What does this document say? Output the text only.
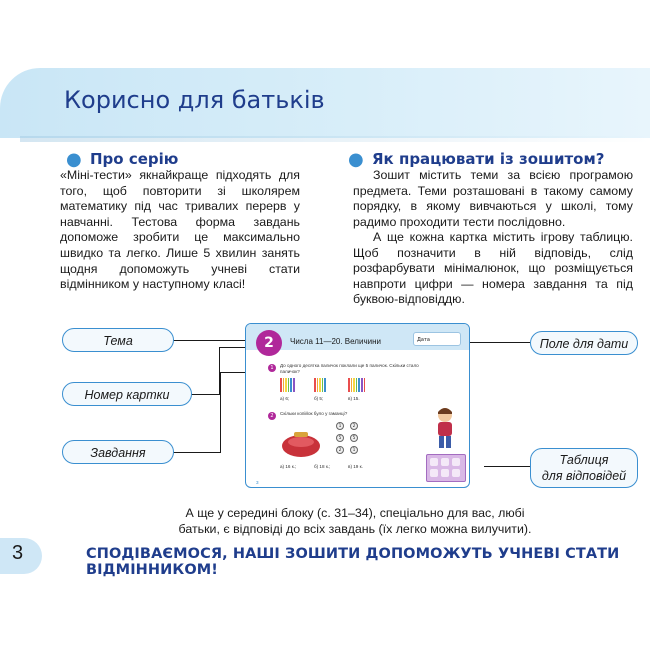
Корисно для батьків
● Про серію
«Міні-тести» якнайкраще підходять для того, щоб повторити зі школярем математику під час тривалих перерв у навчанні. Тестова форма завдань допоможе зробити це максимально швидко та легко. Лише 5 хвилин занять щодня допоможуть учневі стати відмінником у наступному класі!
● Як працювати із зошитом?
Зошит містить теми за всією програмою предмета. Теми розташовані в такому самому порядку, в якому вивчаються у школі, тому радимо проходити тести послідовно.
А ще кожна картка містить ігрову таблицю. Щоб позначити в ній відповідь, слід розфарбувати мінімалюнок, що розміщується навпроти цифри — номера завдання та під буквою-відповіддю.
Тема
Номер картки
Завдання
Поле для дати
Таблиця
для відповідей
2	Числа 11—20. Величини	Дата
1	До одного десятка паличок поклали ще 5 паличок. Скільки стало паличок?
а) 6;	б) 5;	в) 15.
2	Скільки копійок було у гаманці?
1	2
5	5
2	1
а) 16 к.;	б) 18 к.;	в) 19 к.
3
А ще у середині блоку (с. 31–34), спеціально для вас, любі батьки, є відповіді до всіх завдань (їх легко можна вилучити).
3	СПОДІВАЄМОСЯ, НАШІ ЗОШИТИ ДОПОМОЖУТЬ УЧНЕВІ СТАТИ ВІДМІННИКОМ!
